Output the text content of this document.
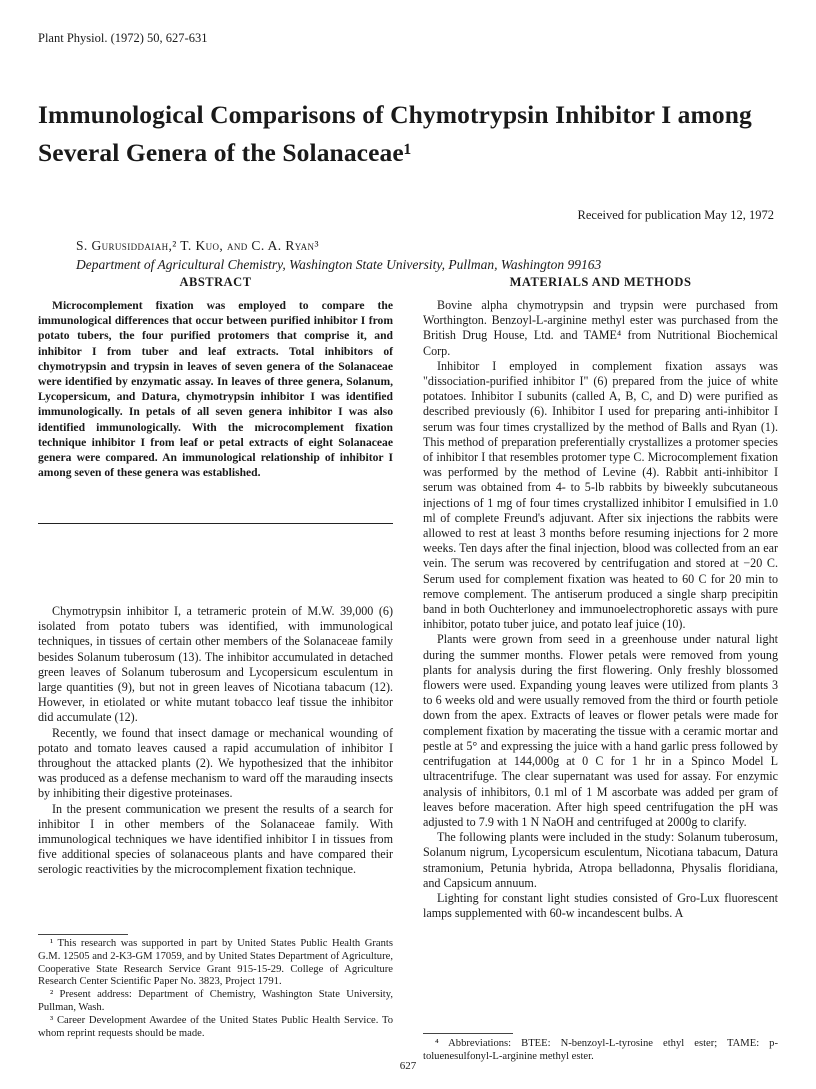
Plant Physiol. (1972) 50, 627-631
Immunological Comparisons of Chymotrypsin Inhibitor I among Several Genera of the Solanaceae¹
Received for publication May 12, 1972
S. Gurusiddaiah,² T. Kuo, and C. A. Ryan³
Department of Agricultural Chemistry, Washington State University, Pullman, Washington 99163
ABSTRACT
Microcomplement fixation was employed to compare the immunological differences that occur between purified inhibitor I from potato tubers, the four purified protomers that comprise it, and inhibitor I from tuber and leaf extracts. Total inhibitors of chymotrypsin and trypsin in leaves of seven genera of the Solanaceae were identified by enzymatic assay. In leaves of three genera, Solanum, Lycopersicum, and Datura, chymotrypsin inhibitor I was identified immunologically. In petals of all seven genera inhibitor I was also identified immunologically. With the microcomplement fixation technique inhibitor I from leaf or petal extracts of eight Solanaceae genera were compared. An immunological relationship of inhibitor I among seven of these genera was established.

Chymotrypsin inhibitor I, a tetrameric protein of M.W. 39,000 (6) isolated from potato tubers was identified, with immunological techniques, in tissues of certain other members of the Solanaceae family besides Solanum tuberosum (13). The inhibitor accumulated in detached green leaves of Solanum tuberosum and Lycopersicum esculentum in large quantities (9), but not in green leaves of Nicotiana tabacum (12). However, in etiolated or white mutant tobacco leaf tissue the inhibitor did accumulate (12).

Recently, we found that insect damage or mechanical wounding of potato and tomato leaves caused a rapid accumulation of inhibitor I throughout the attacked plants (2). We hypothesized that the inhibitor was produced as a defense mechanism to ward off the marauding insects by inhibiting their digestive proteinases.

In the present communication we present the results of a search for inhibitor I in other members of the Solanaceae family. With immunological techniques we have identified inhibitor I in tissues from five additional species of solanaceous plants and have compared their serologic reactivities by the microcomplement fixation technique.

¹ This research was supported in part by United States Public Health Grants G.M. 12505 and 2-K3-GM 17059, and by United States Department of Agriculture, Cooperative State Research Service Grant 915-15-29. College of Agriculture Research Center Scientific Paper No. 3823, Project 1791.

² Present address: Department of Chemistry, Washington State University, Pullman, Wash.

³ Career Development Awardee of the United States Public Health Service. To whom reprint requests should be made.

MATERIALS AND METHODS

Bovine alpha chymotrypsin and trypsin were purchased from Worthington. Benzoyl-L-arginine methyl ester was purchased from the British Drug House, Ltd. and TAME⁴ from Nutritional Biochemical Corp.

Inhibitor I employed in complement fixation assays was "dissociation-purified inhibitor I" (6) prepared from the juice of white potatoes. Inhibitor I subunits (called A, B, C, and D) were purified as described previously (6). Inhibitor I used for preparing anti-inhibitor I serum was four times crystallized by the method of Balls and Ryan (1). This method of preparation preferentially crystallizes a protomer species of inhibitor I that resembles protomer type C. Microcomplement fixation was performed by the method of Levine (4). Rabbit anti-inhibitor I serum was obtained from 4- to 5-lb rabbits by biweekly subcutaneous injections of 1 mg of four times crystallized inhibitor I emulsified in 1.0 ml of complete Freund's adjuvant. After six injections the rabbits were allowed to rest at least 3 months before resuming injections for 2 more weeks. Ten days after the final injection, blood was collected from an ear vein. The serum was recovered by centrifugation and stored at −20 C. Serum used for complement fixation was heated to 60 C for 20 min to remove complement. The antiserum produced a single sharp precipitin band in both Ouchterloney and immunoelectrophoretic assays with pure inhibitor, potato tuber juice, and potato leaf juice (10).

Plants were grown from seed in a greenhouse under natural light during the summer months. Flower petals were removed from young plants for analysis during the first flowering. Only freshly blossomed flowers were used. Expanding young leaves were utilized from plants 3 to 6 weeks old and were usually removed from the third or fourth petiole down from the apex. Extracts of leaves or flower petals were made for complement fixation by macerating the tissue with a ceramic mortar and pestle at 5° and expressing the juice with a hand garlic press followed by centrifugation at 144,000g at 0 C for 1 hr in a Spinco Model L ultracentrifuge. The clear supernatant was used for assay. For enzymic analysis of inhibitors, 0.1 ml of 1 M ascorbate was added per gram of leaves before maceration. After high speed centrifugation the pH was adjusted to 7.9 with 1 N NaOH and centrifuged at 2000g to clarify.

The following plants were included in the study: Solanum tuberosum, Solanum nigrum, Lycopersicum esculentum, Nicotiana tabacum, Datura stramonium, Petunia hybrida, Atropa belladonna, Physalis floridiana, and Capsicum annuum.

Lighting for constant light studies consisted of Gro-Lux fluorescent lamps supplemented with 60-w incandescent bulbs. A

⁴ Abbreviations: BTEE: N-benzoyl-L-tyrosine ethyl ester; TAME: p-toluenesulfonyl-L-arginine methyl ester.
627
